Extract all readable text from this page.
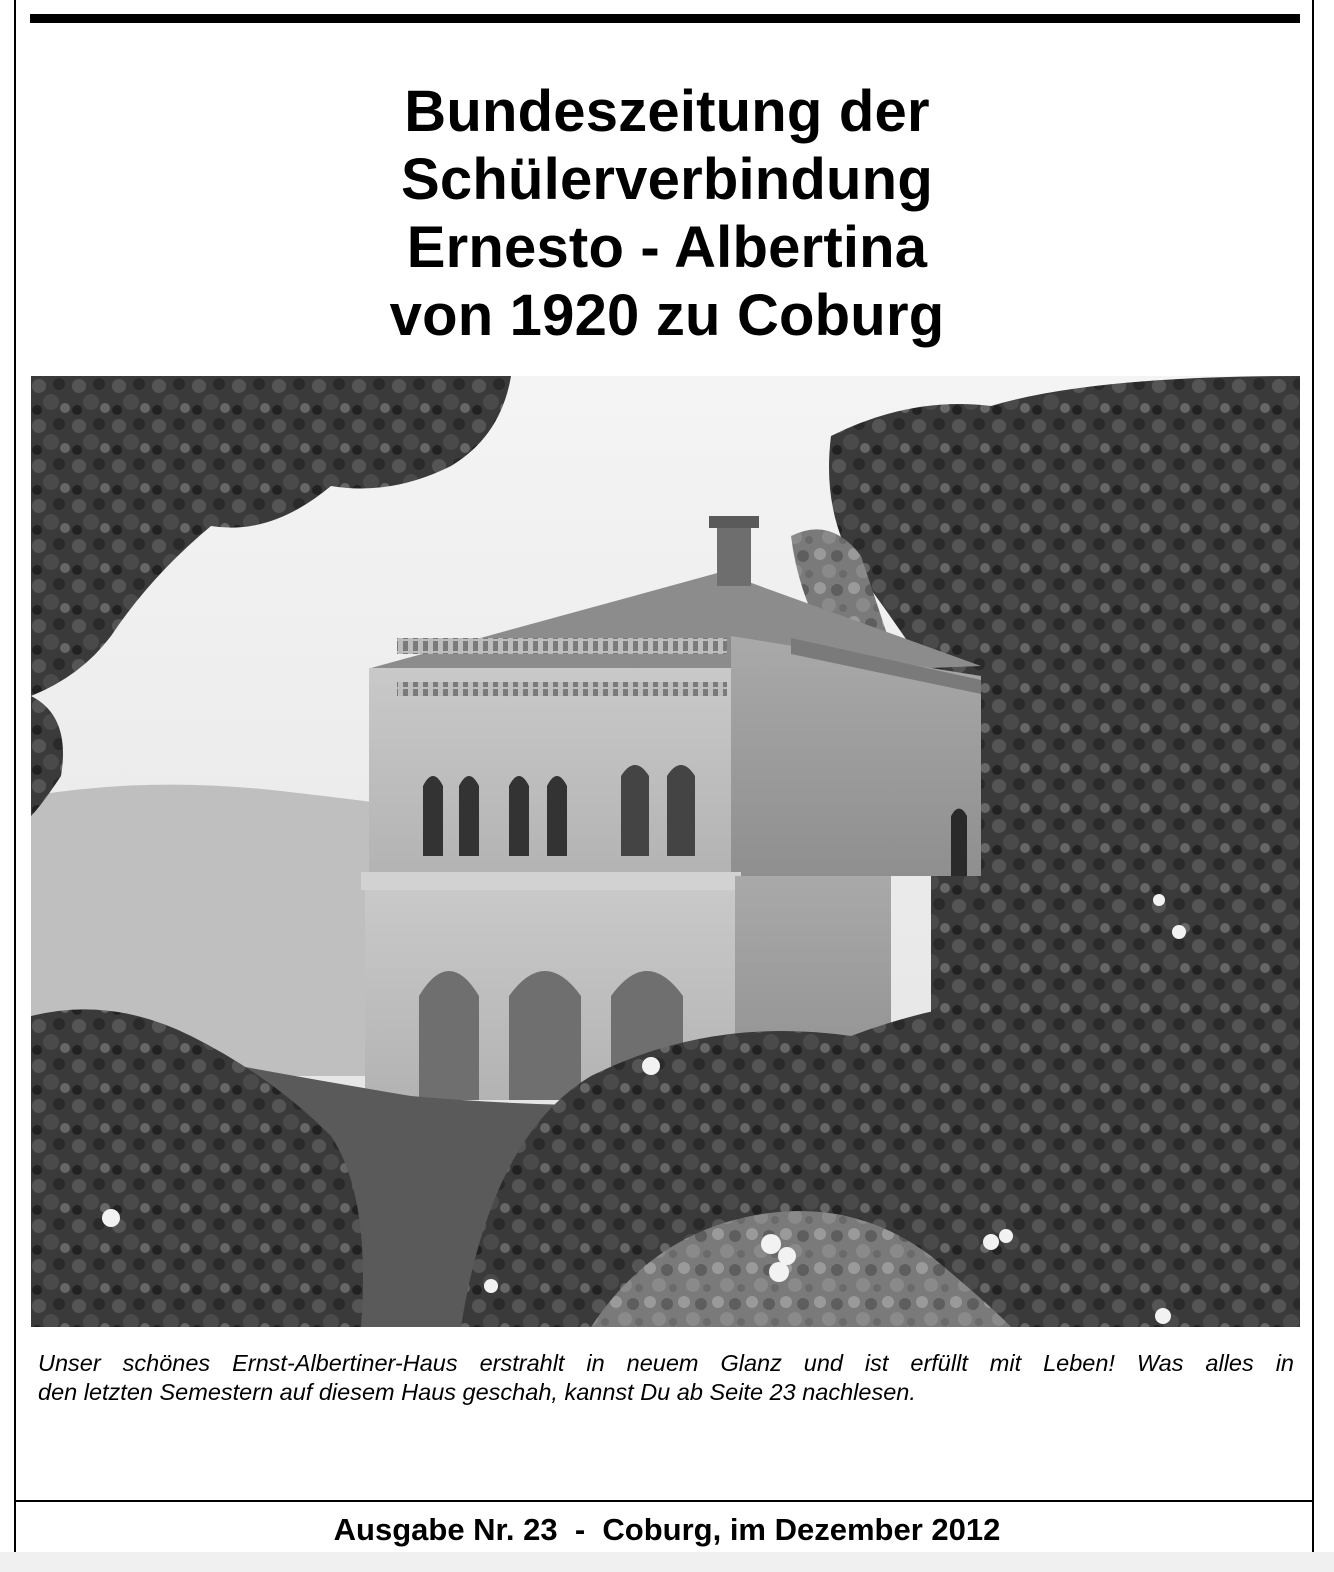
Bundeszeitung der
Schülerverbindung
Ernesto - Albertina
von 1920 zu Coburg
Unser schönes Ernst-Albertiner-Haus erstrahlt in neuem Glanz und ist erfüllt mit Leben! Was alles in
den letzten Semestern auf diesem Haus geschah, kannst Du ab Seite 23 nachlesen.
Ausgabe Nr. 23  -  Coburg, im Dezember 2012
